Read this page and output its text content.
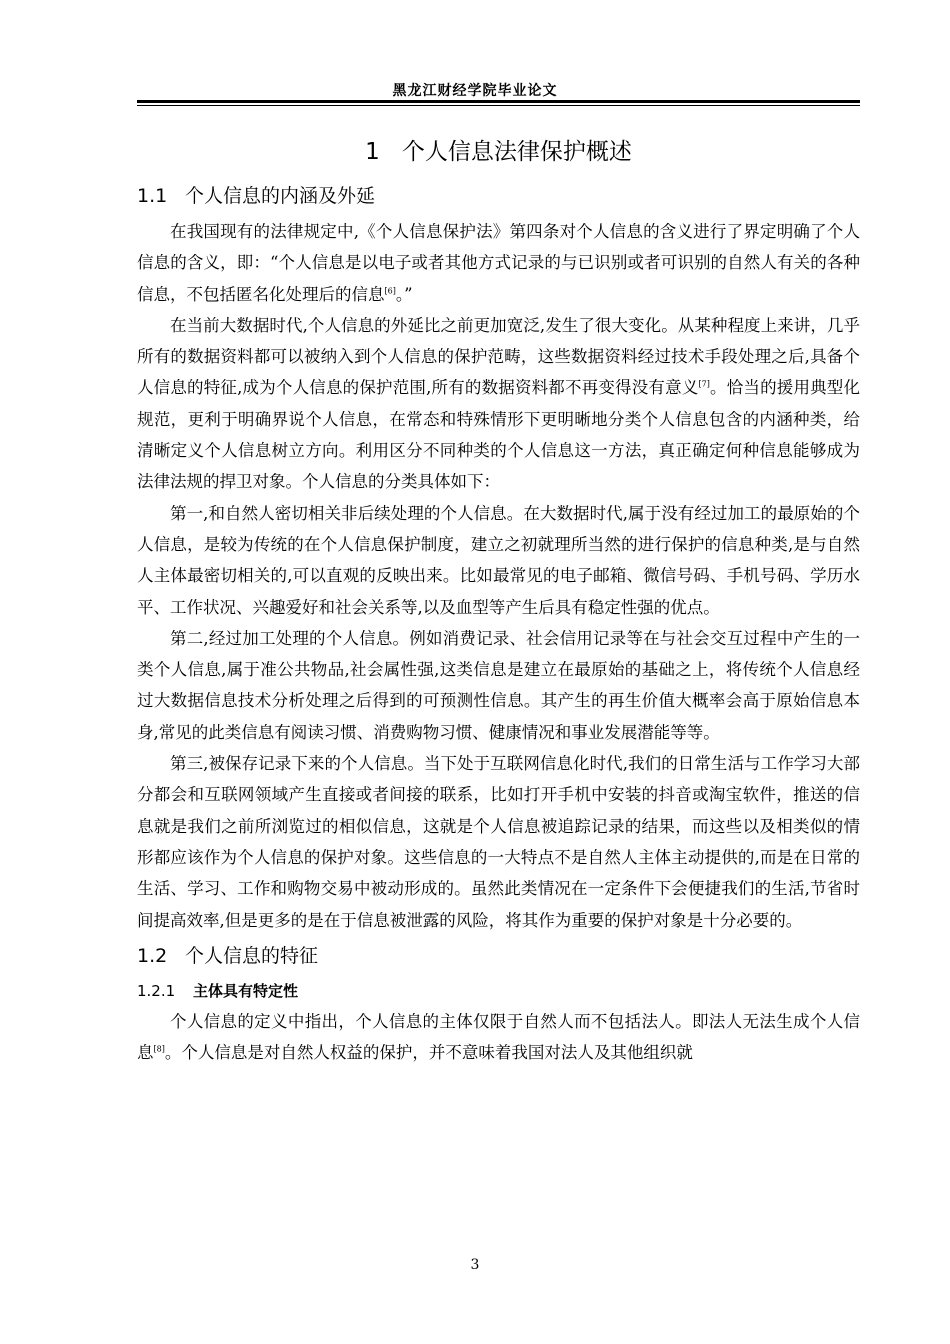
黑龙江财经学院毕业论文
1 个人信息法律保护概述
1.1 个人信息的内涵及外延

在我国现有的法律规定中,《个人信息保护法》第四条对个人信息的含义进行了界定明确了个人信息的含义，即：“个人信息是以电子或者其他方式记录的与已识别或者可识别的自然人有关的各种信息，不包括匿名化处理后的信息[6]。”

在当前大数据时代,个人信息的外延比之前更加宽泛,发生了很大变化。从某种程度上来讲，几乎所有的数据资料都可以被纳入到个人信息的保护范畴，这些数据资料经过技术手段处理之后,具备个人信息的特征,成为个人信息的保护范围,所有的数据资料都不再变得没有意义[7]。恰当的援用典型化规范，更利于明确界说个人信息，在常态和特殊情形下更明晰地分类个人信息包含的内涵种类，给清晰定义个人信息树立方向。利用区分不同种类的个人信息这一方法，真正确定何种信息能够成为法律法规的捍卫对象。个人信息的分类具体如下：

第一,和自然人密切相关非后续处理的个人信息。在大数据时代,属于没有经过加工的最原始的个人信息，是较为传统的在个人信息保护制度，建立之初就理所当然的进行保护的信息种类,是与自然人主体最密切相关的,可以直观的反映出来。比如最常见的电子邮箱、微信号码、手机号码、学历水平、工作状况、兴趣爱好和社会关系等,以及血型等产生后具有稳定性强的优点。

第二,经过加工处理的个人信息。例如消费记录、社会信用记录等在与社会交互过程中产生的一类个人信息,属于准公共物品,社会属性强,这类信息是建立在最原始的基础之上，将传统个人信息经过大数据信息技术分析处理之后得到的可预测性信息。其产生的再生价值大概率会高于原始信息本身,常见的此类信息有阅读习惯、消费购物习惯、健康情况和事业发展潜能等等。

第三,被保存记录下来的个人信息。当下处于互联网信息化时代,我们的日常生活与工作学习大部分都会和互联网领域产生直接或者间接的联系，比如打开手机中安装的抖音或淘宝软件，推送的信息就是我们之前所浏览过的相似信息，这就是个人信息被追踪记录的结果，而这些以及相类似的情形都应该作为个人信息的保护对象。这些信息的一大特点不是自然人主体主动提供的,而是在日常的生活、学习、工作和购物交易中被动形成的。虽然此类情况在一定条件下会便捷我们的生活,节省时间提高效率,但是更多的是在于信息被泄露的风险，将其作为重要的保护对象是十分必要的。

1.2 个人信息的特征
1.2.1 主体具有特定性

个人信息的定义中指出，个人信息的主体仅限于自然人而不包括法人。即法人无法生成个人信息[8]。个人信息是对自然人权益的保护，并不意味着我国对法人及其他组织就

3
